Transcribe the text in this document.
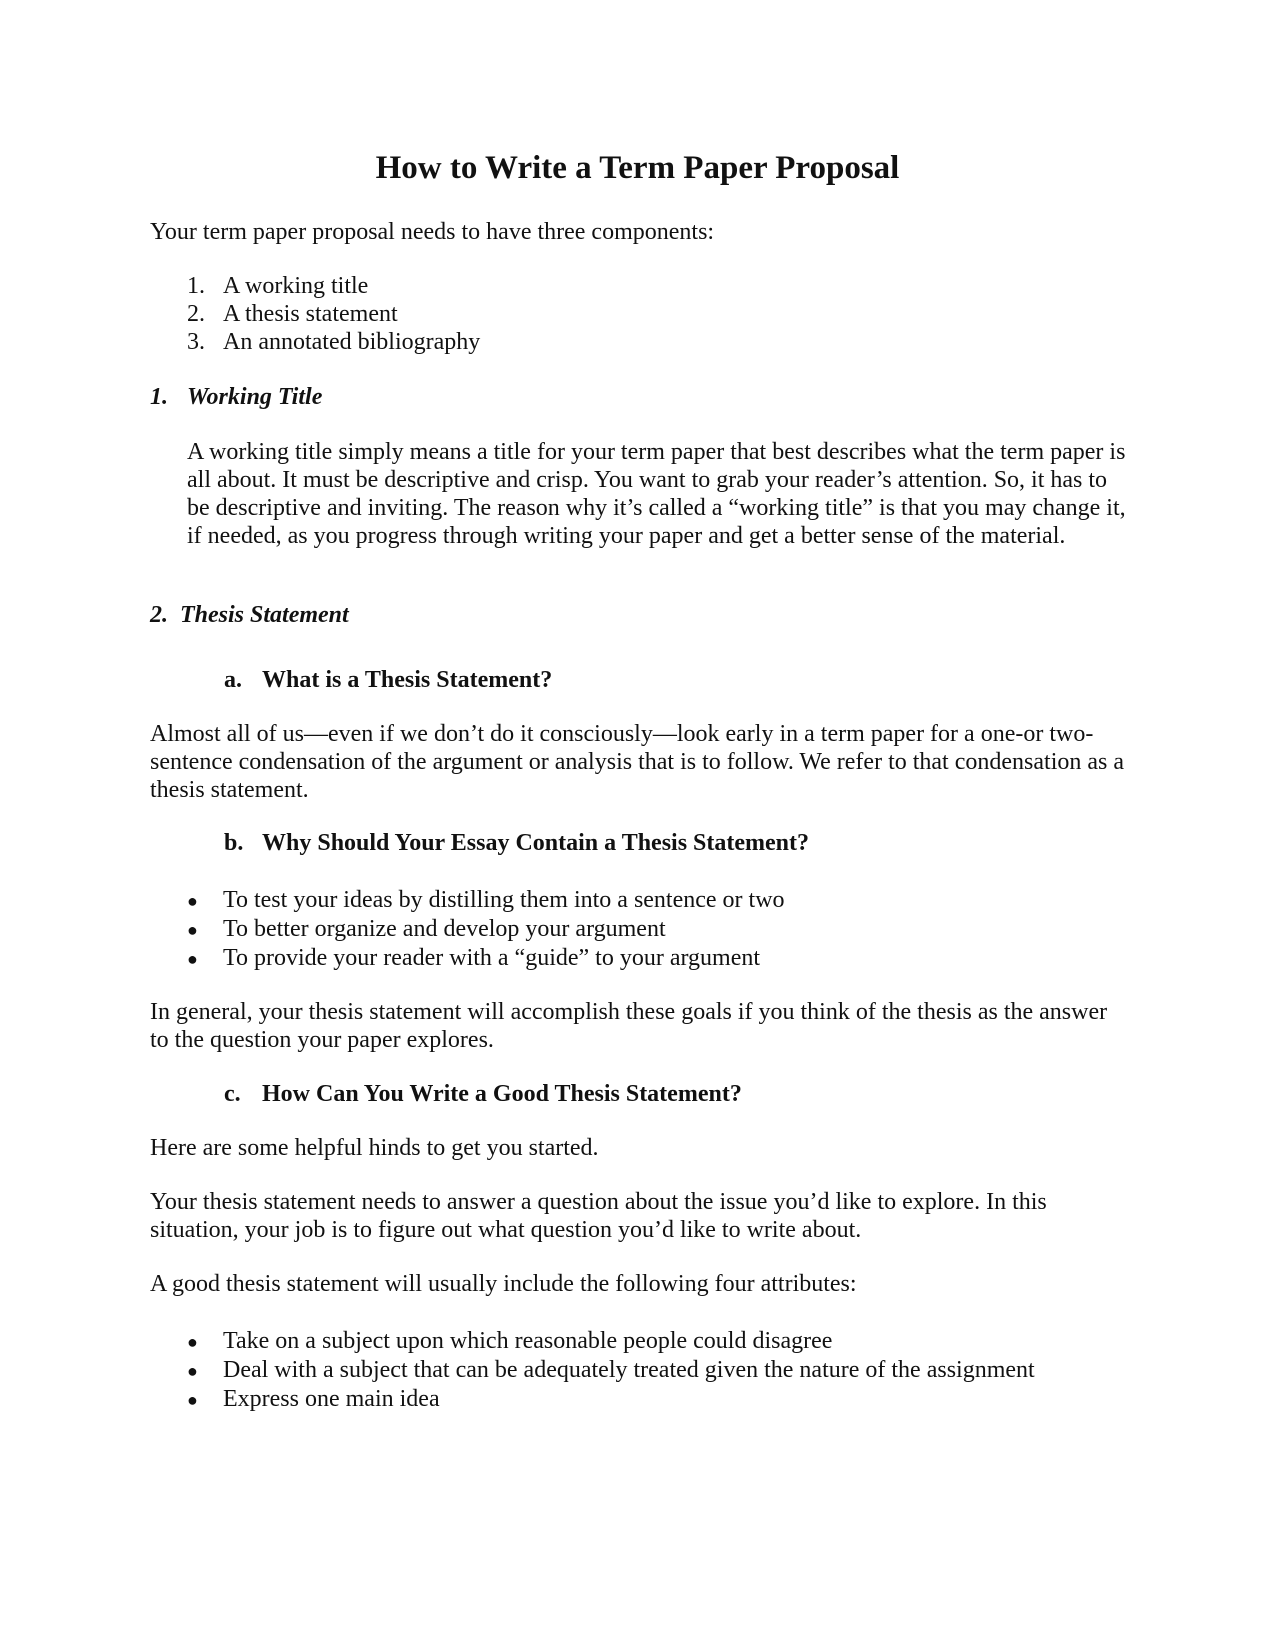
How to Write a Term Paper Proposal

Your term paper proposal needs to have three components:

1. A working title
2. A thesis statement
3. An annotated bibliography
1. Working Title

A working title simply means a title for your term paper that best describes what the term paper is all about. It must be descriptive and crisp. You want to grab your reader’s attention. So, it has to be descriptive and inviting. The reason why it’s called a “working title” is that you may change it, if needed, as you progress through writing your paper and get a better sense of the material.

2. Thesis Statement
a. What is a Thesis Statement?

Almost all of us—even if we don’t do it consciously—look early in a term paper for a one-or two-sentence condensation of the argument or analysis that is to follow. We refer to that condensation as a thesis statement.

b. Why Should Your Essay Contain a Thesis Statement?
● To test your ideas by distilling them into a sentence or two
● To better organize and develop your argument
● To provide your reader with a “guide” to your argument

In general, your thesis statement will accomplish these goals if you think of the thesis as the answer to the question your paper explores.

c. How Can You Write a Good Thesis Statement?

Here are some helpful hinds to get you started.

Your thesis statement needs to answer a question about the issue you’d like to explore. In this situation, your job is to figure out what question you’d like to write about.

A good thesis statement will usually include the following four attributes:

● Take on a subject upon which reasonable people could disagree
● Deal with a subject that can be adequately treated given the nature of the assignment
● Express one main idea
